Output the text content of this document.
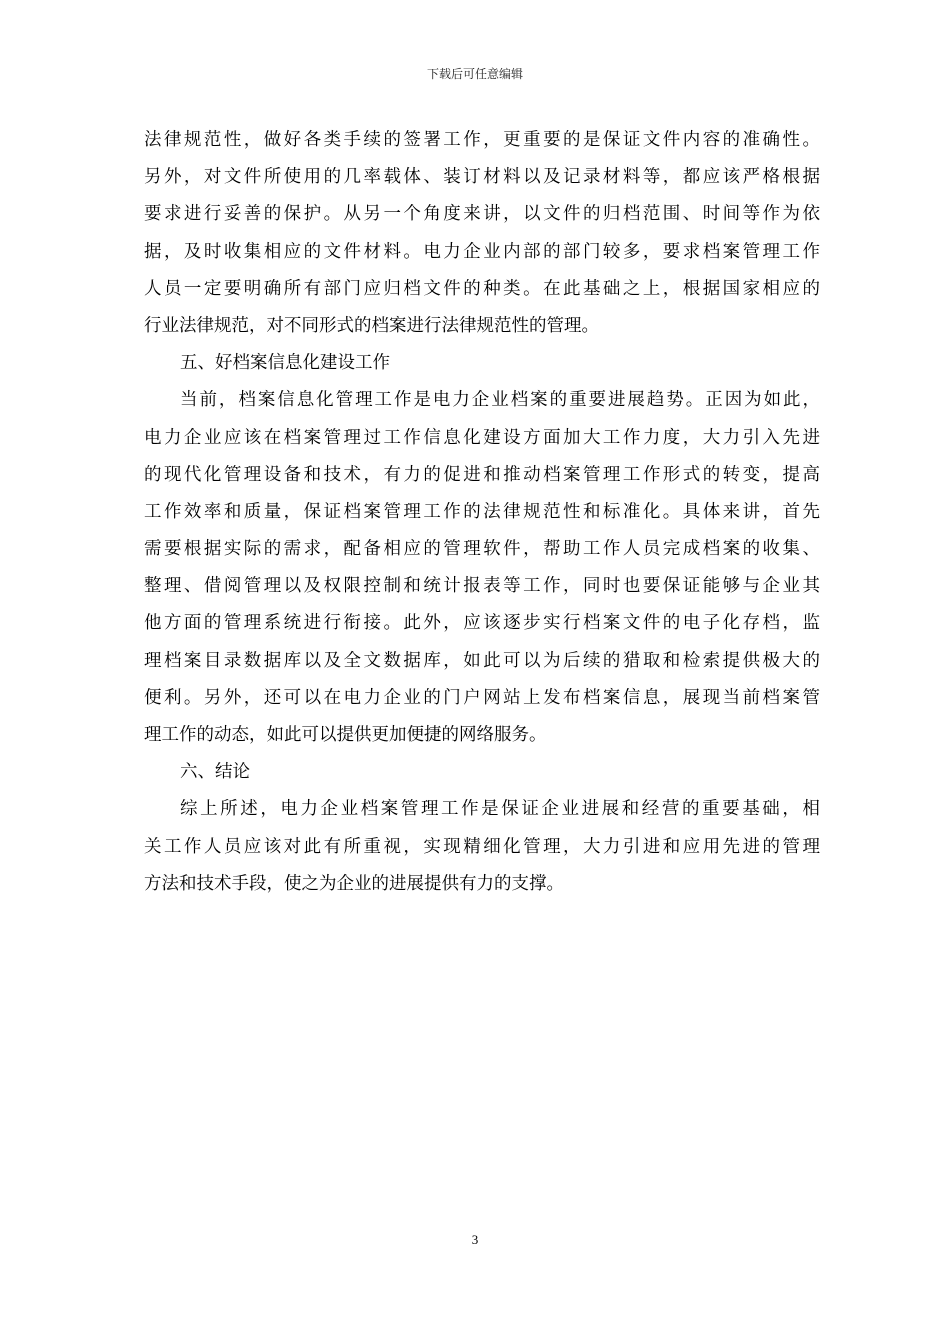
下载后可任意编辑
法 律 规 范 性 ， 做 好 各 类 手 续 的 签 署 工 作 ， 更 重 要 的 是 保 证 文 件 内 容 的 准 确 性 。
另 外 ， 对 文 件 所 使 用 的 几 率 载 体 、 装 订 材 料 以 及 记 录 材 料 等 ， 都 应 该 严 格 根 据
要 求 进 行 妥 善 的 保 护 。 从 另 一 个 角 度 来 讲 ， 以 文 件 的 归 档 范 围 、 时 间 等 作 为 依
据 ， 及 时 收 集 相 应 的 文 件 材 料 。 电 力 企 业 内 部 的 部 门 较 多 ， 要 求 档 案 管 理 工 作
人 员 一 定 要 明 确 所 有 部 门 应 归 档 文 件 的 种 类 。 在 此 基 础 之 上 ， 根 据 国 家 相 应 的
行业法律规范，对不同形式的档案进行法律规范性的管理。
五、好档案信息化建设工作
当 前 ， 档 案 信 息 化 管 理 工 作 是 电 力 企 业 档 案 的 重 要 进 展 趋 势 。 正 因 为 如 此 ，
电 力 企 业 应 该 在 档 案 管 理 过 工 作 信 息 化 建 设 方 面 加 大 工 作 力 度 ， 大 力 引 入 先 进
的 现 代 化 管 理 设 备 和 技 术 ， 有 力 的 促 进 和 推 动 档 案 管 理 工 作 形 式 的 转 变 ， 提 高
工 作 效 率 和 质 量 ， 保 证 档 案 管 理 工 作 的 法 律 规 范 性 和 标 准 化 。 具 体 来 讲 ， 首 先
需 要 根 据 实 际 的 需 求 ， 配 备 相 应 的 管 理 软 件 ， 帮 助 工 作 人 员 完 成 档 案 的 收 集 、
整 理 、 借 阅 管 理 以 及 权 限 控 制 和 统 计 报 表 等 工 作 ， 同 时 也 要 保 证 能 够 与 企 业 其
他 方 面 的 管 理 系 统 进 行 衔 接 。 此 外 ， 应 该 逐 步 实 行 档 案 文 件 的 电 子 化 存 档 ， 监
理 档 案 目 录 数 据 库 以 及 全 文 数 据 库 ， 如 此 可 以 为 后 续 的 猎 取 和 检 索 提 供 极 大 的
便 利 。 另 外 ， 还 可 以 在 电 力 企 业 的 门 户 网 站 上 发 布 档 案 信 息 ， 展 现 当 前 档 案 管
理工作的动态，如此可以提供更加便捷的网络服务。
六、结论
综 上 所 述 ， 电 力 企 业 档 案 管 理 工 作 是 保 证 企 业 进 展 和 经 营 的 重 要 基 础 ， 相
关 工 作 人 员 应 该 对 此 有 所 重 视 ， 实 现 精 细 化 管 理 ， 大 力 引 进 和 应 用 先 进 的 管 理
方法和技术手段，使之为企业的进展提供有力的支撑。
3
